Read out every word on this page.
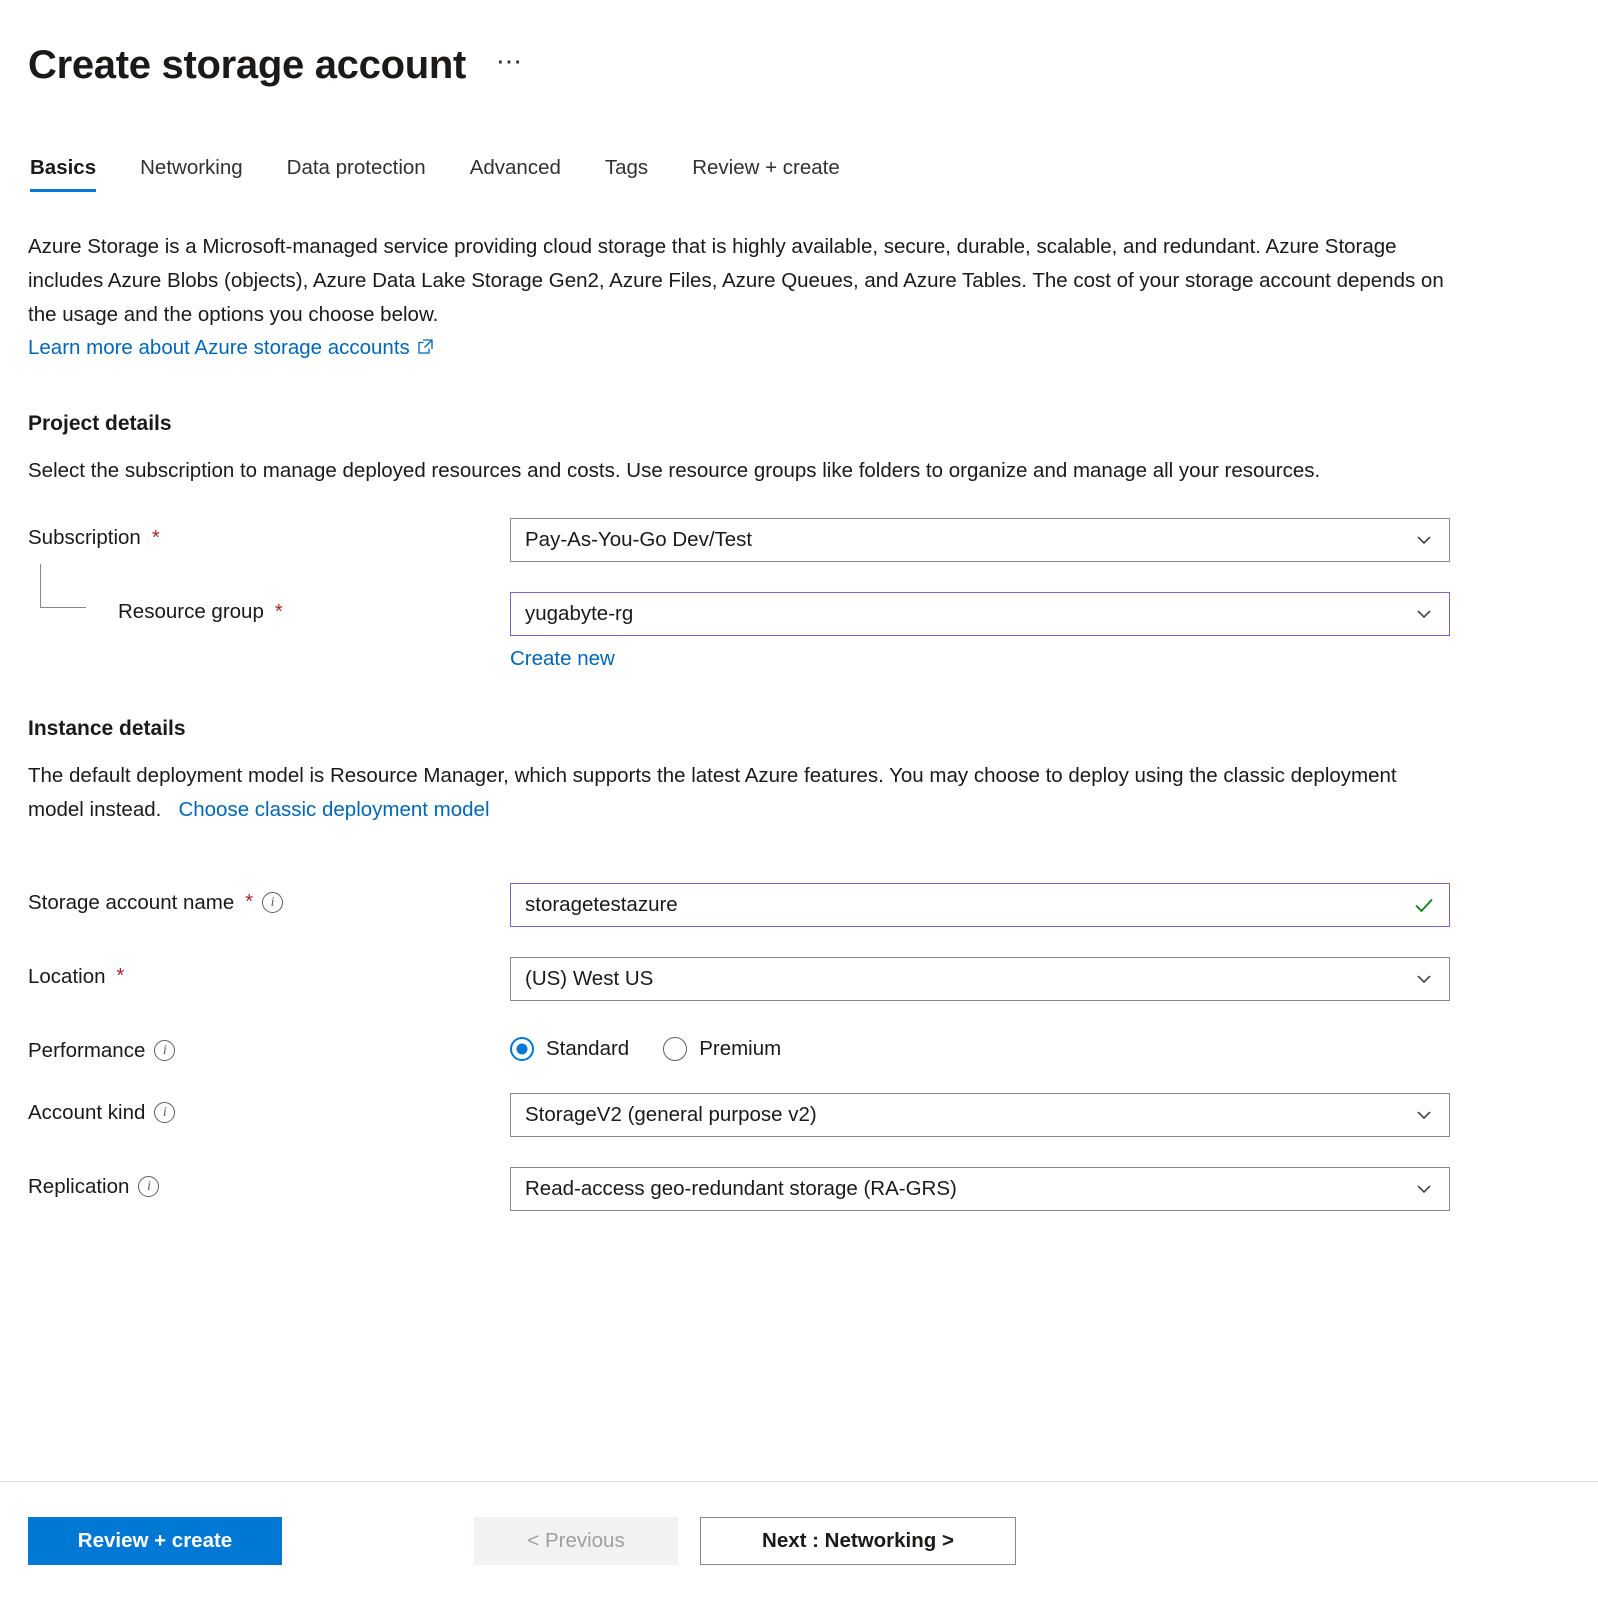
Create storage account ⋯
Basics	Networking	Data protection	Advanced	Tags	Review + create
Azure Storage is a Microsoft-managed service providing cloud storage that is highly available, secure, durable, scalable, and redundant. Azure Storage includes Azure Blobs (objects), Azure Data Lake Storage Gen2, Azure Files, Azure Queues, and Azure Tables. The cost of your storage account depends on the usage and the options you choose below.
Learn more about Azure storage accounts
Project details
Select the subscription to manage deployed resources and costs. Use resource groups like folders to organize and manage all your resources.
Subscription *	Pay-As-You-Go Dev/Test
Resource group *	yugabyte-rg
Create new
Instance details
The default deployment model is Resource Manager, which supports the latest Azure features. You may choose to deploy using the classic deployment model instead. Choose classic deployment model
Storage account name *	i	storagetestazure
Location *	(US) West US
Performance	i	Standard	Premium
Account kind	i	StorageV2 (general purpose v2)
Replication	i	Read-access geo-redundant storage (RA-GRS)
Review + create	< Previous	Next : Networking >
